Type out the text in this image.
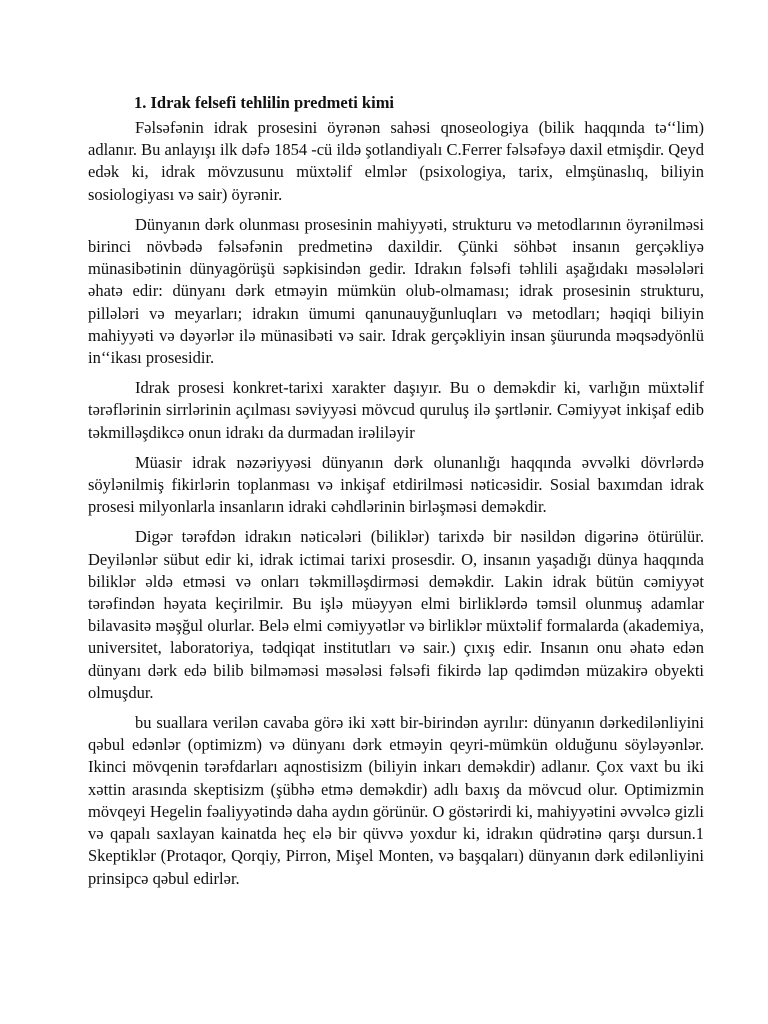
1. Idrak felsefi tehlilin predmeti kimi

Fəlsəfənin idrak prosesini öyrənən sahəsi qnoseologiya (bilik haqqında tə‘‘lim) adlanır. Bu anlayışı ilk dəfə 1854 -cü ildə şotlandiyalı C.Ferrer fəlsəfəyə daxil etmişdir. Qeyd edək ki, idrak mövzusunu müxtəlif elmlər (psixologiya, tarix, elmşünaslıq, biliyin sosiologiyası və sair) öyrənir.

Dünyanın dərk olunması prosesinin mahiyyəti, strukturu və metodlarının öyrənilməsi birinci növbədə fəlsəfənin predmetinə daxildir. Çünki söhbət insanın gerçəkliyə münasibətinin dünyagörüşü səpkisindən gedir. Idrakın fəlsəfi təhlili aşağıdakı məsələləri əhatə edir: dünyanı dərk etməyin mümkün olub-olmaması; idrak prosesinin strukturu, pillələri və meyarları; idrakın ümumi qanunauyğunluqları və metodları; həqiqi biliyin mahiyyəti və dəyərlər ilə münasibəti və sair. Idrak gerçəkliyin insan şüurunda məqsədyönlü in‘‘ikası prosesidir.

Idrak prosesi konkret-tarixi xarakter daşıyır. Bu o deməkdir ki, varlığın müxtəlif tərəflərinin sirrlərinin açılması səviyyəsi mövcud quruluş ilə şərtlənir. Cəmiyyət inkişaf edib təkmilləşdikcə onun idrakı da durmadan irəliləyir

Müasir idrak nəzəriyyəsi dünyanın dərk olunanlığı haqqında əvvəlki dövrlərdə söylənilmiş fikirlərin toplanması və inkişaf etdirilməsi nəticəsidir. Sosial baxımdan idrak prosesi milyonlarla insanların idraki cəhdlərinin birləşməsi deməkdir.

Digər tərəfdən idrakın nəticələri (biliklər) tarixdə bir nəsildən digərinə ötürülür. Deyilənlər sübut edir ki, idrak ictimai tarixi prosesdir. O, insanın yaşadığı dünya haqqında biliklər əldə etməsi və onları təkmilləşdirməsi deməkdir. Lakin idrak bütün cəmiyyət tərəfindən həyata keçirilmir. Bu işlə müəyyən elmi birliklərdə təmsil olunmuş adamlar bilavasitə məşğul olurlar. Belə elmi cəmiyyətlər və birliklər müxtəlif formalarda (akademiya, universitet, laboratoriya, tədqiqat institutları və sair.) çıxış edir. Insanın onu əhatə edən dünyanı dərk edə bilib bilməməsi məsələsi fəlsəfi fikirdə lap qədimdən müzakirə obyekti olmuşdur.

bu suallara verilən cavaba görə iki xətt bir-birindən ayrılır: dünyanın dərkedilənliyini qəbul edənlər (optimizm) və dünyanı dərk etməyin qeyri-mümkün olduğunu söyləyənlər. Ikinci mövqenin tərəfdarları aqnostisizm (biliyin inkarı deməkdir) adlanır. Çox vaxt bu iki xəttin arasında skeptisizm (şübhə etmə deməkdir) adlı baxış da mövcud olur. Optimizmin mövqeyi Hegelin fəaliyyətində daha aydın görünür. O göstərirdi ki, mahiyyətini əvvəlcə gizli və qapalı saxlayan kainatda heç elə bir qüvvə yoxdur ki, idrakın qüdrətinə qarşı dursun.1 Skeptiklər (Protaqor, Qorqiy, Pirron, Mişel Monten, və başqaları) dünyanın dərk edilənliyini prinsipcə qəbul edirlər.
